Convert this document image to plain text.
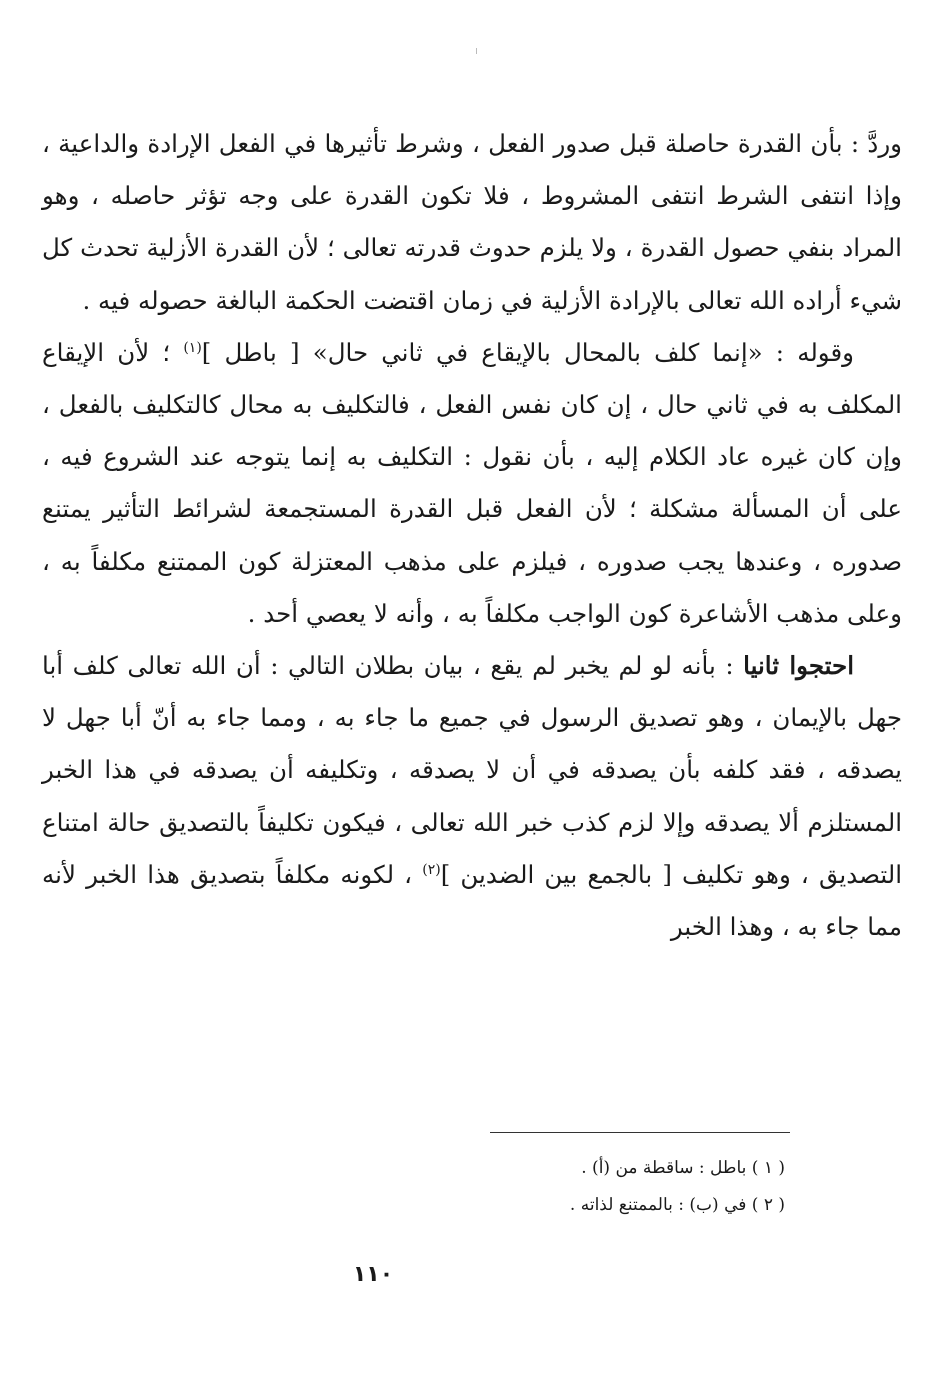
وردَّ : بأن القدرة حاصلة قبل صدور الفعل ، وشرط تأثيرها في الفعل الإرادة والداعية ، وإذا انتفى الشرط انتفى المشروط ، فلا تكون القدرة على وجه تؤثر حاصله ، وهو المراد بنفي حصول القدرة ، ولا يلزم حدوث قدرته تعالى ؛ لأن القدرة الأزلية تحدث كل شيء أراده الله تعالى بالإرادة الأزلية في زمان اقتضت الحكمة البالغة حصوله فيه .

وقوله : «إنما كلف بالمحال بالإيقاع في ثاني حال» [ باطل ]$^{(١)}$ ؛ لأن الإيقاع المكلف به في ثاني حال ، إن كان نفس الفعل ، فالتكليف به محال كالتكليف بالفعل ، وإن كان غيره عاد الكلام إليه ، بأن نقول : التكليف به إنما يتوجه عند الشروع فيه ، على أن المسألة مشكلة ؛ لأن الفعل قبل القدرة المستجمعة لشرائط التأثير يمتنع صدوره ، وعندها يجب صدوره ، فيلزم على مذهب المعتزلة كون الممتنع مكلفاً به ، وعلى مذهب الأشاعرة كون الواجب مكلفاً به ، وأنه لا يعصي أحد .

احتجوا ثانيا : بأنه لو لم يخبر لم يقع ، بيان بطلان التالي : أن الله تعالى كلف أبا جهل بالإيمان ، وهو تصديق الرسول في جميع ما جاء به ، ومما جاء به أنّ أبا جهل لا يصدقه ، فقد كلفه بأن يصدقه في أن لا يصدقه ، وتكليفه أن يصدقه في هذا الخبر المستلزم ألا يصدقه وإلا لزم كذب خبر الله تعالى ، فيكون تكليفاً بالتصديق حالة امتناع التصديق ، وهو تكليف [ بالجمع بين الضدين ]$^{(٢)}$ ، لكونه مكلفاً بتصديق هذا الخبر لأنه مما جاء به ، وهذا الخبر

( ١ ) باطل : ساقطة من (أ) .

( ٢ ) في (ب) : بالممتنع لذاته .

١١٠
